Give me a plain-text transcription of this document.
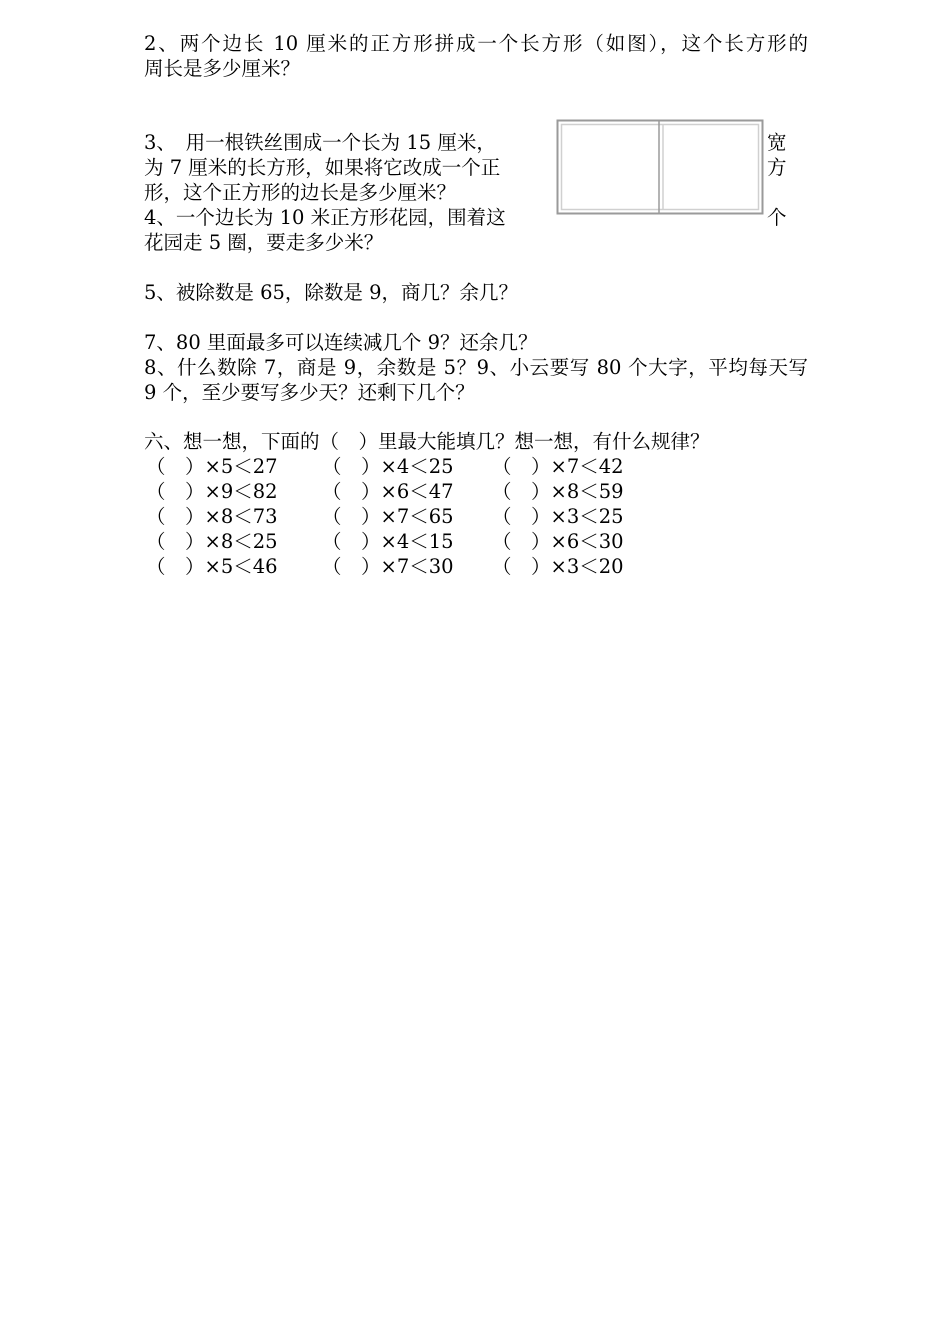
2、两个边长 10 厘米的正方形拼成一个长方形（如图），这个长方形的
周长是多少厘米？
3、　用一根铁丝围成一个长为 15 厘米，	宽
为 7 厘米的长方形，如果将它改成一个正	方
形，这个正方形的边长是多少厘米？
4、一个边长为 10 米正方形花园，围着这	个
花园走 5 圈，要走多少米？
5、被除数是 65，除数是 9，商几？余几？
7、80 里面最多可以连续减几个 9？还余几？
8、什么数除 7，商是 9，余数是 5？9、小云要写 80 个大字，平均每天写
9 个，至少要写多少天？还剩下几个？
六、想一想，下面的（　）里最大能填几？想一想，有什么规律？
（　）×5＜27 （　）×4＜25 （　）×7＜42
（　）×9＜82 （　）×6＜47 （　）×8＜59
（　）×8＜73 （　）×7＜65 （　）×3＜25
（　）×8＜25 （　）×4＜15 （　）×6＜30
（　）×5＜46 （　）×7＜30 （　）×3＜20
